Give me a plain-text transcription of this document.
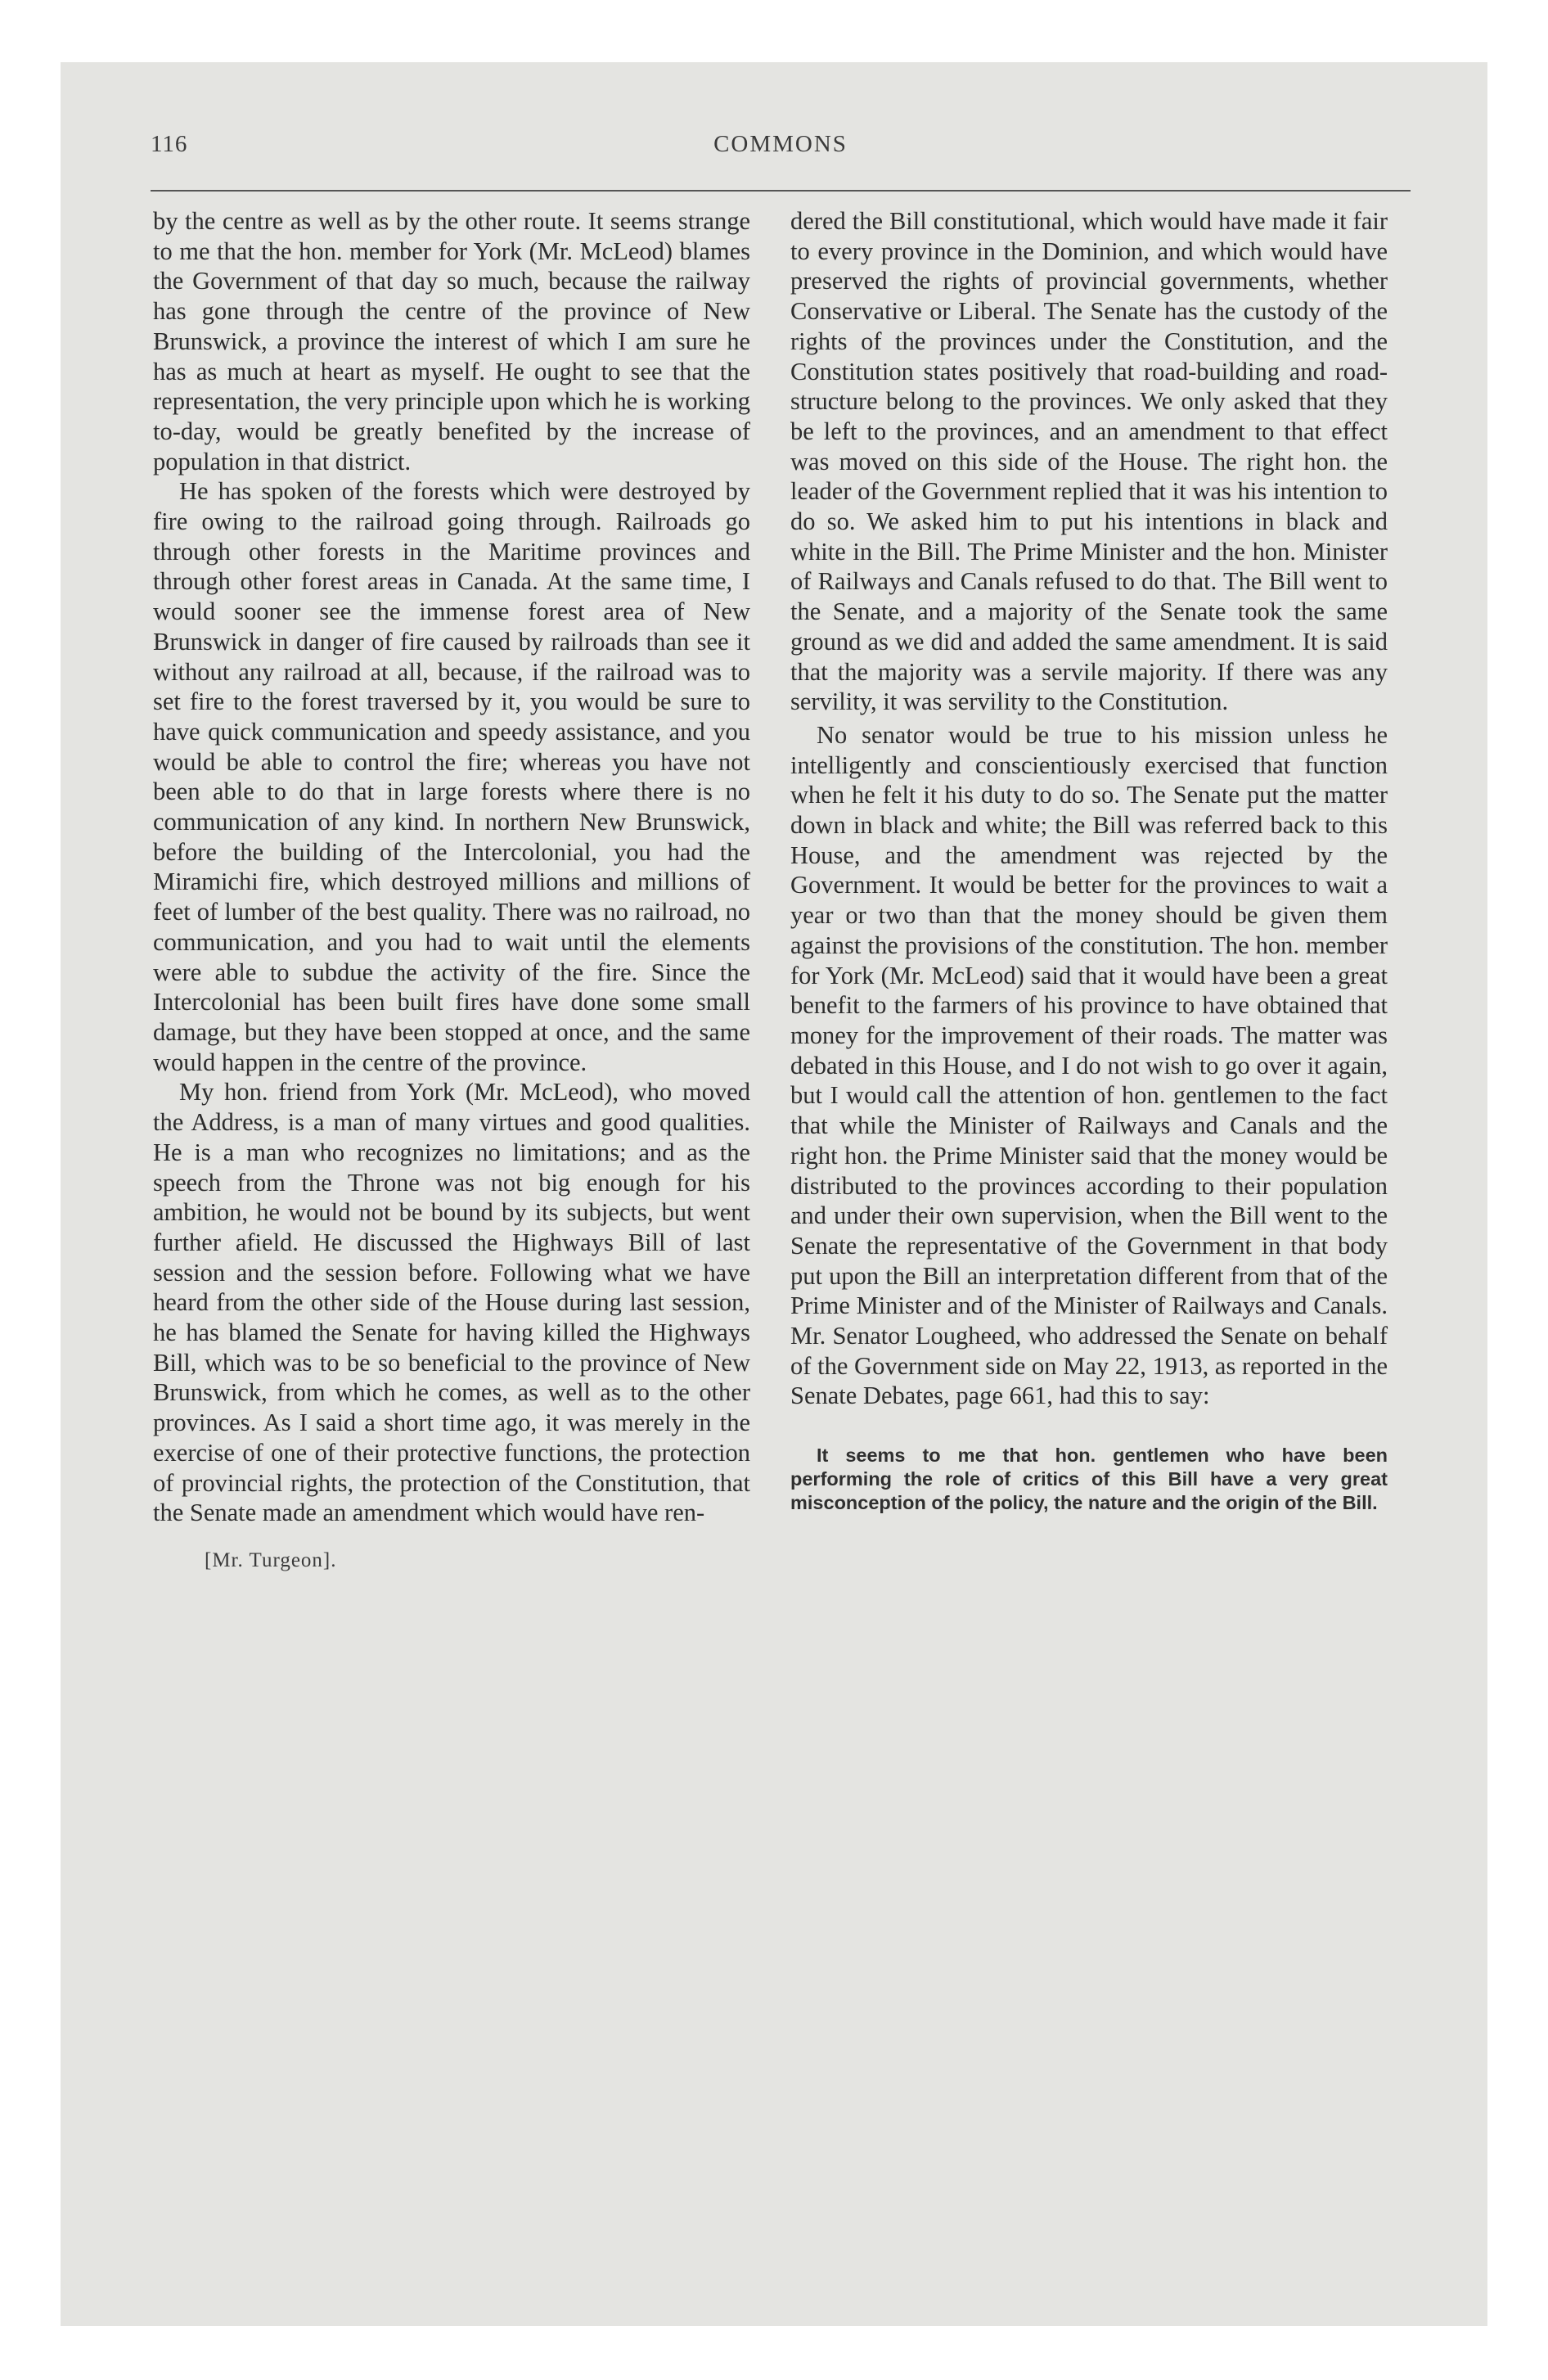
116	COMMONS

by the centre as well as by the other route. It seems strange to me that the hon. member for York (Mr. McLeod) blames the Government of that day so much, because the railway has gone through the centre of the province of New Brunswick, a province the interest of which I am sure he has as much at heart as myself. He ought to see that the representation, the very principle upon which he is working to-day, would be greatly benefited by the increase of population in that district.

He has spoken of the forests which were destroyed by fire owing to the railroad going through. Railroads go through other forests in the Maritime provinces and through other forest areas in Canada. At the same time, I would sooner see the immense forest area of New Brunswick in danger of fire caused by railroads than see it without any railroad at all, because, if the railroad was to set fire to the forest traversed by it, you would be sure to have quick communication and speedy assistance, and you would be able to control the fire; whereas you have not been able to do that in large forests where there is no communication of any kind. In northern New Brunswick, before the building of the Intercolonial, you had the Miramichi fire, which destroyed millions and millions of feet of lumber of the best quality. There was no railroad, no communication, and you had to wait until the elements were able to subdue the activity of the fire. Since the Intercolonial has been built fires have done some small damage, but they have been stopped at once, and the same would happen in the centre of the province.

My hon. friend from York (Mr. McLeod), who moved the Address, is a man of many virtues and good qualities. He is a man who recognizes no limitations; and as the speech from the Throne was not big enough for his ambition, he would not be bound by its subjects, but went further afield. He discussed the Highways Bill of last session and the session before. Following what we have heard from the other side of the House during last session, he has blamed the Senate for having killed the Highways Bill, which was to be so beneficial to the province of New Brunswick, from which he comes, as well as to the other provinces. As I said a short time ago, it was merely in the exercise of one of their protective functions, the protection of provincial rights, the protection of the Constitution, that the Senate made an amendment which would have ren-

dered the Bill constitutional, which would have made it fair to every province in the Dominion, and which would have preserved the rights of provincial governments, whether Conservative or Liberal. The Senate has the custody of the rights of the provinces under the Constitution, and the Constitution states positively that road-building and road-structure belong to the provinces. We only asked that they be left to the provinces, and an amendment to that effect was moved on this side of the House. The right hon. the leader of the Government replied that it was his intention to do so. We asked him to put his intentions in black and white in the Bill. The Prime Minister and the hon. Minister of Railways and Canals refused to do that. The Bill went to the Senate, and a majority of the Senate took the same ground as we did and added the same amendment. It is said that the majority was a servile majority. If there was any servility, it was servility to the Constitution.

No senator would be true to his mission unless he intelligently and conscientiously exercised that function when he felt it his duty to do so. The Senate put the matter down in black and white; the Bill was referred back to this House, and the amendment was rejected by the Government. It would be better for the provinces to wait a year or two than that the money should be given them against the provisions of the constitution. The hon. member for York (Mr. McLeod) said that it would have been a great benefit to the farmers of his province to have obtained that money for the improvement of their roads. The matter was debated in this House, and I do not wish to go over it again, but I would call the attention of hon. gentlemen to the fact that while the Minister of Railways and Canals and the right hon. the Prime Minister said that the money would be distributed to the provinces according to their population and under their own supervision, when the Bill went to the Senate the representative of the Government in that body put upon the Bill an interpretation different from that of the Prime Minister and of the Minister of Railways and Canals. Mr. Senator Lougheed, who addressed the Senate on behalf of the Government side on May 22, 1913, as reported in the Senate Debates, page 661, had this to say:

It seems to me that hon. gentlemen who have been performing the role of critics of this Bill have a very great misconception of the policy, the nature and the origin of the Bill.

[Mr. Turgeon].
